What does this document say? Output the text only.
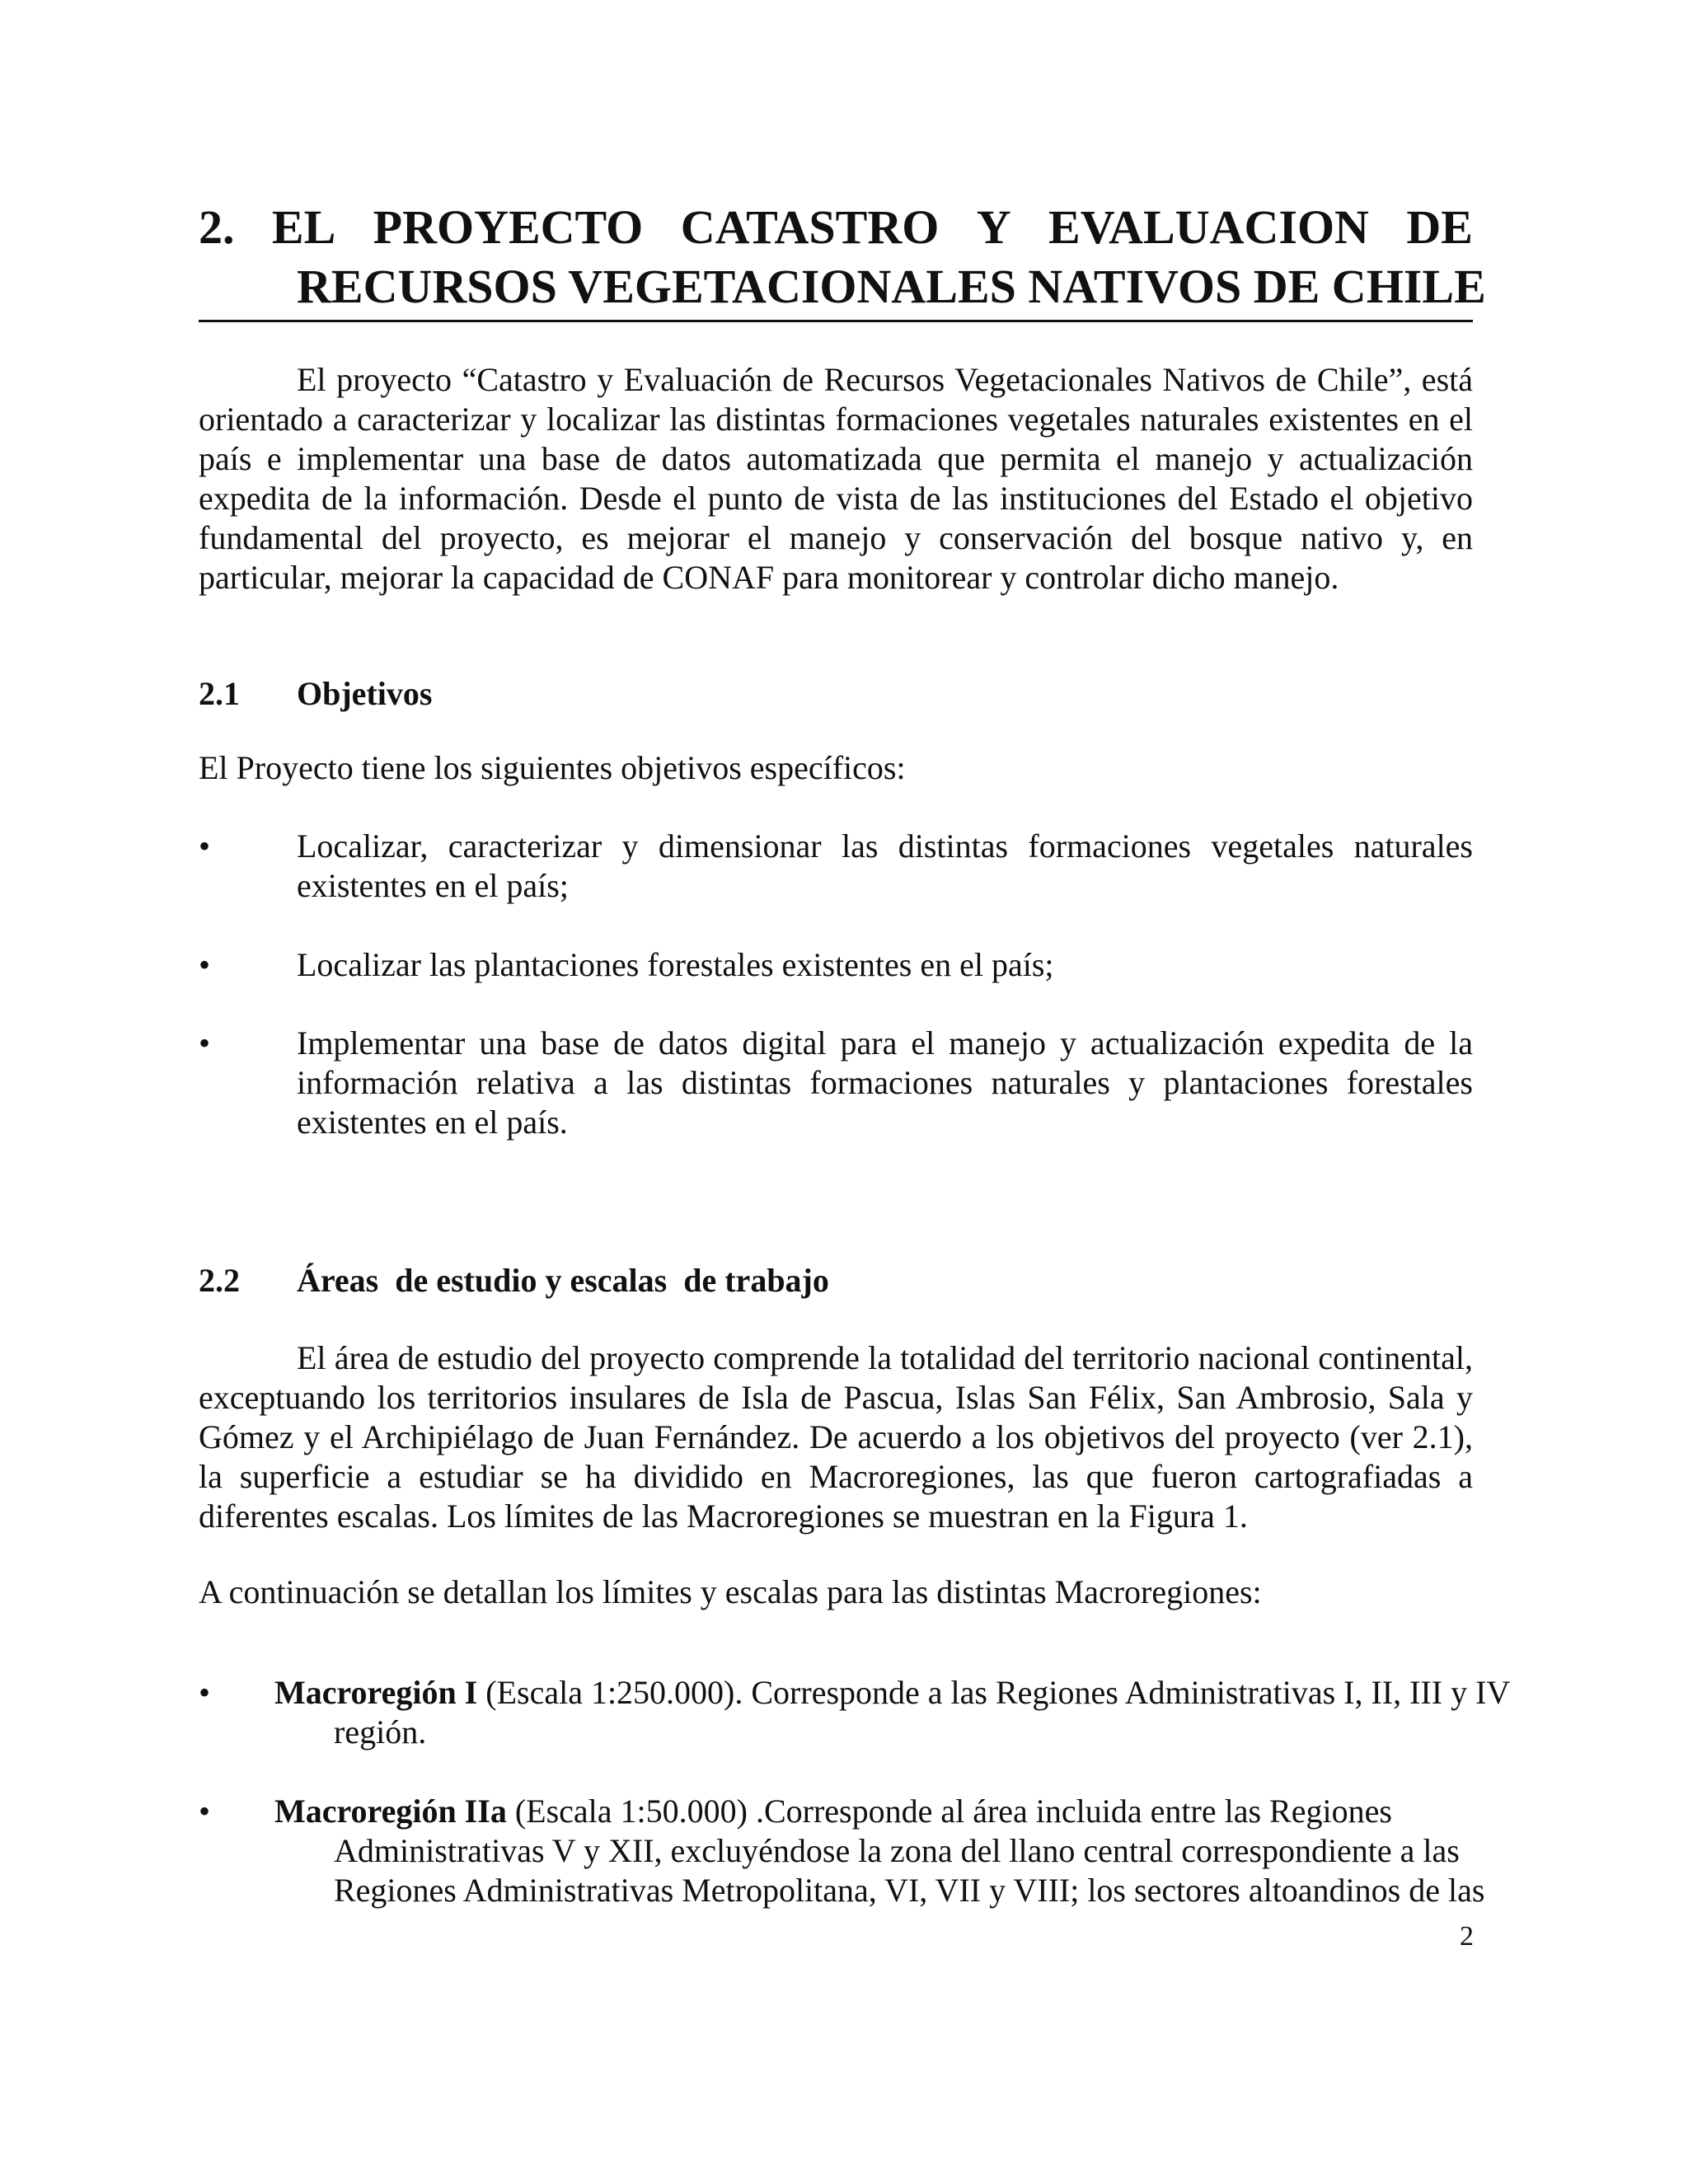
2. EL PROYECTO CATASTRO Y EVALUACION DE
RECURSOS VEGETACIONALES NATIVOS DE CHILE

El proyecto “Catastro y Evaluación de Recursos Vegetacionales Nativos de Chile”, está orientado a caracterizar y localizar las distintas formaciones vegetales naturales existentes en el país e implementar una base de datos automatizada que permita el manejo y actualización expedita de la información. Desde el punto de vista de las instituciones del Estado el objetivo fundamental del proyecto, es mejorar el manejo y conservación del bosque nativo y, en particular, mejorar la capacidad de CONAF para monitorear y controlar dicho manejo.

2.1 Objetivos

El Proyecto tiene los siguientes objetivos específicos:

•	Localizar, caracterizar y dimensionar las distintas formaciones vegetales naturales existentes en el país;

•	Localizar las plantaciones forestales existentes en el país;

•	Implementar una base de datos digital para el manejo y actualización expedita de la información relativa a las distintas formaciones naturales y plantaciones forestales existentes en el país.

2.2 Áreas  de estudio y escalas  de trabajo

El área de estudio del proyecto comprende la totalidad del territorio nacional continental, exceptuando los territorios insulares de Isla de Pascua, Islas San Félix, San Ambrosio, Sala y Gómez y el Archipiélago de Juan Fernández. De acuerdo a los objetivos del proyecto (ver 2.1), la superficie a estudiar se ha dividido en Macroregiones, las que fueron cartografiadas a diferentes escalas. Los límites de las Macroregiones se muestran en la Figura 1.

A continuación se detallan los límites y escalas para las distintas Macroregiones:

• Macroregión I (Escala 1:250.000). Corresponde a las Regiones Administrativas I, II, III y IV región.

• Macroregión IIa (Escala 1:50.000) .Corresponde al área incluida entre las Regiones Administrativas V y XII, excluyéndose la zona del llano central correspondiente a las Regiones Administrativas Metropolitana, VI, VII y VIII; los sectores altoandinos de las

2
